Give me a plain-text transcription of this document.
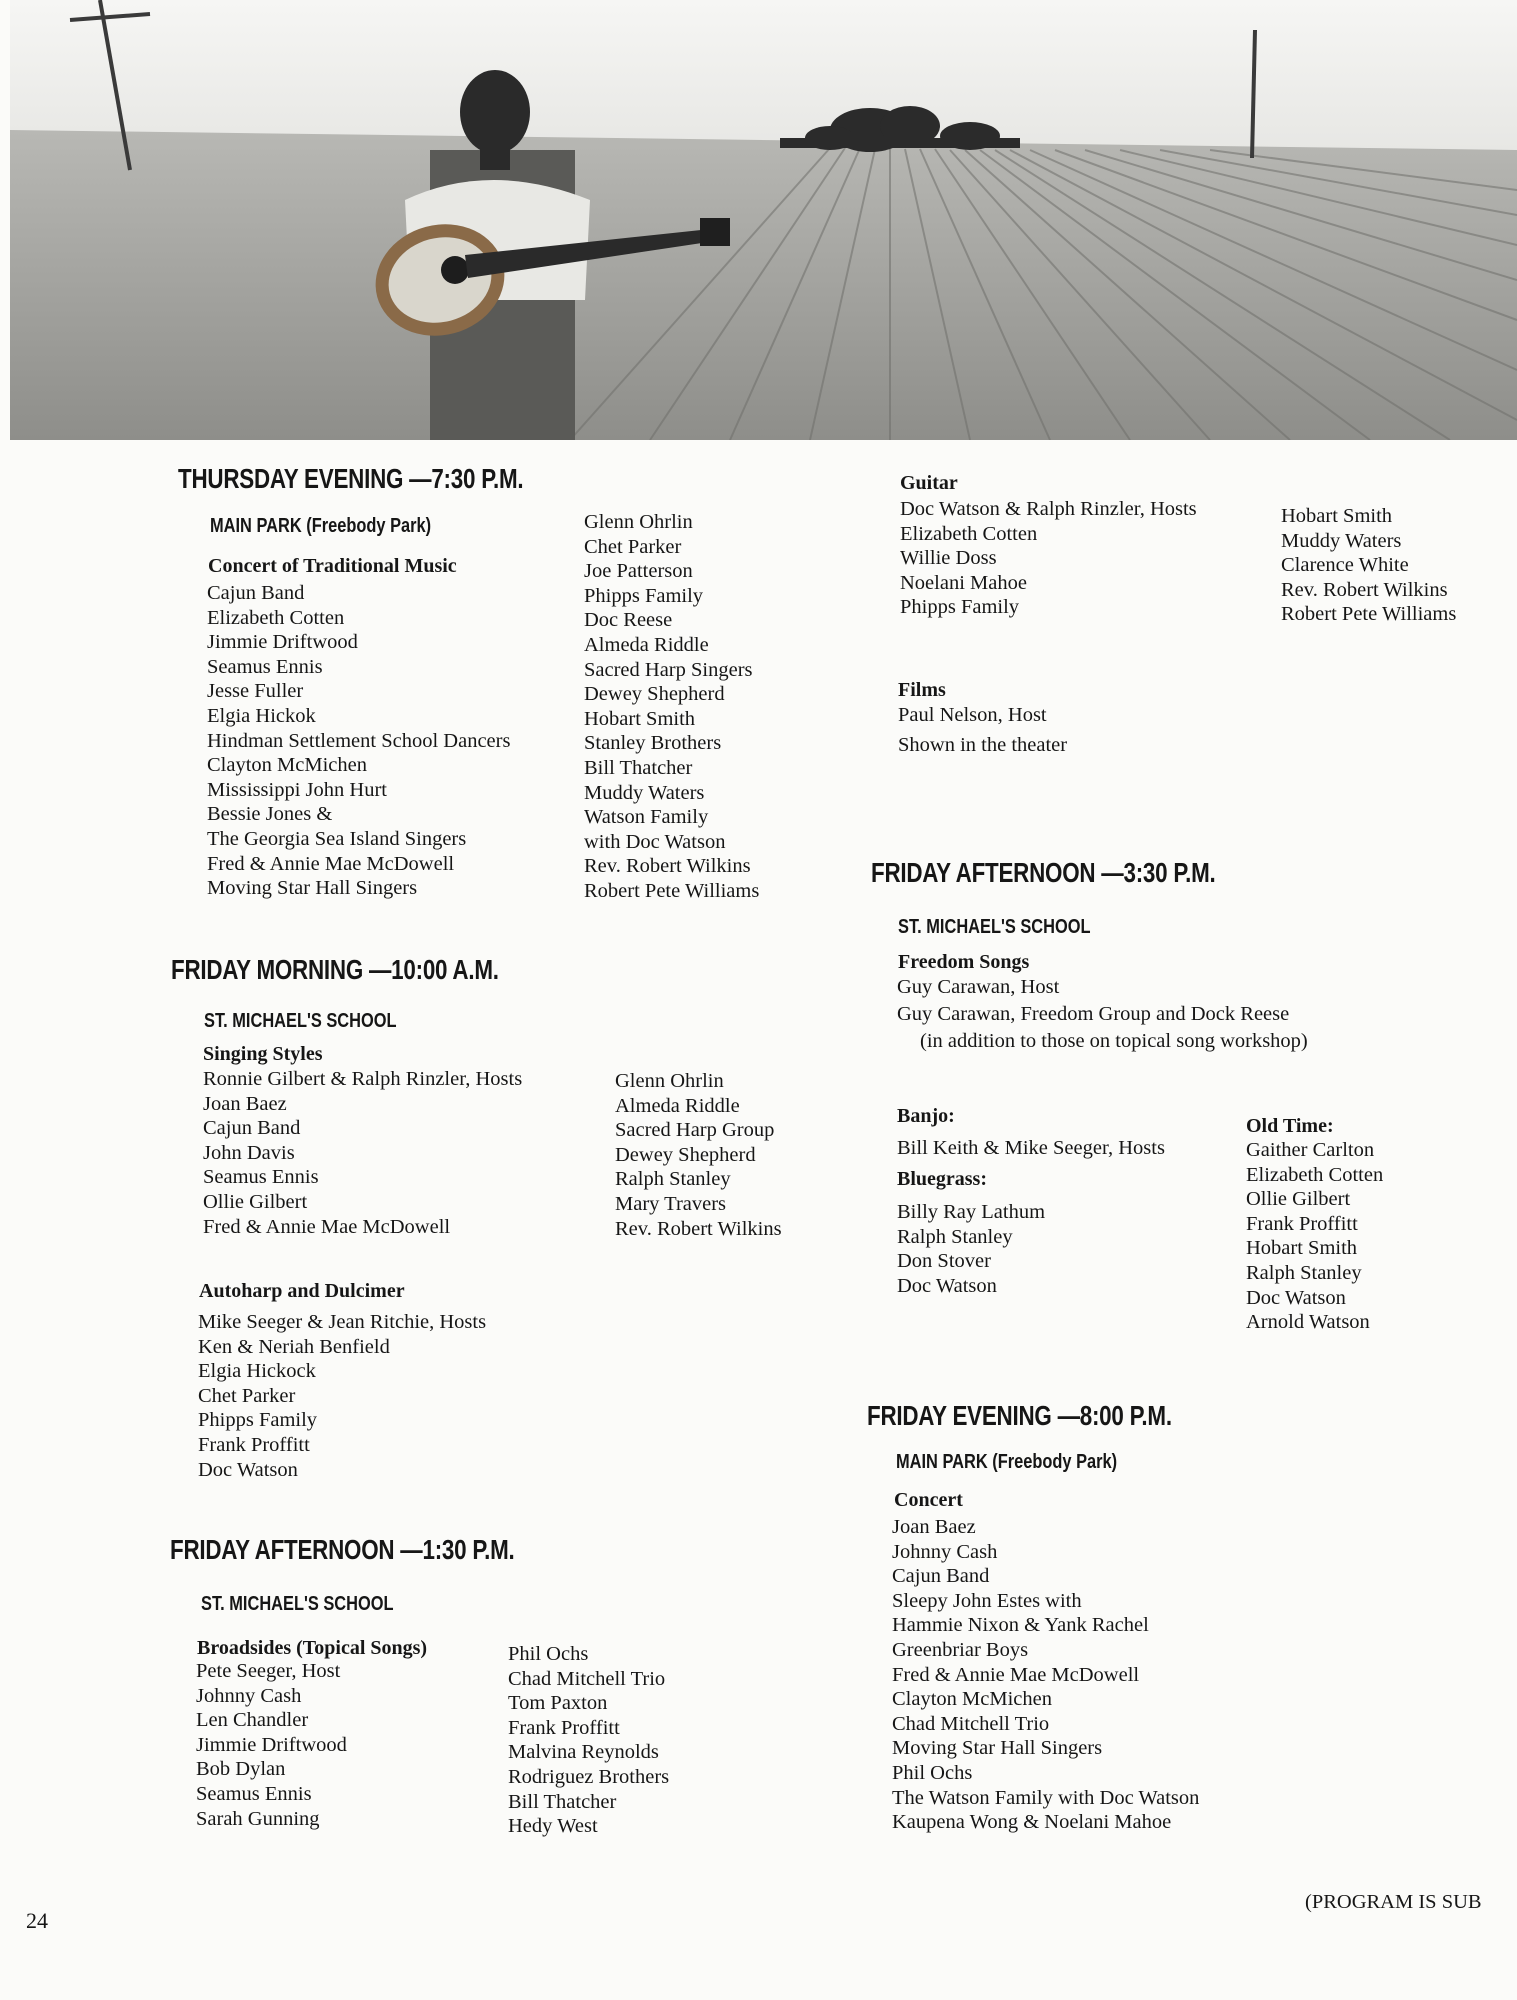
THURSDAY EVENING —7:30 P.M.
MAIN PARK (Freebody Park)
Concert of Traditional Music
Cajun Band
Elizabeth Cotten
Jimmie Driftwood
Seamus Ennis
Jesse Fuller
Elgia Hickok
Hindman Settlement School Dancers
Clayton McMichen
Mississippi John Hurt
Bessie Jones &
The Georgia Sea Island Singers
Fred & Annie Mae McDowell
Moving Star Hall Singers
Glenn Ohrlin
Chet Parker
Joe Patterson
Phipps Family
Doc Reese
Almeda Riddle
Sacred Harp Singers
Dewey Shepherd
Hobart Smith
Stanley Brothers
Bill Thatcher
Muddy Waters
Watson Family
with Doc Watson
Rev. Robert Wilkins
Robert Pete Williams
FRIDAY MORNING —10:00 A.M.
ST. MICHAEL'S SCHOOL
Singing Styles
Ronnie Gilbert & Ralph Rinzler, Hosts
Joan Baez
Cajun Band
John Davis
Seamus Ennis
Ollie Gilbert
Fred & Annie Mae McDowell
Glenn Ohrlin
Almeda Riddle
Sacred Harp Group
Dewey Shepherd
Ralph Stanley
Mary Travers
Rev. Robert Wilkins
Autoharp and Dulcimer
Mike Seeger & Jean Ritchie, Hosts
Ken & Neriah Benfield
Elgia Hickock
Chet Parker
Phipps Family
Frank Proffitt
Doc Watson
FRIDAY AFTERNOON —1:30 P.M.
ST. MICHAEL'S SCHOOL
Broadsides (Topical Songs)
Pete Seeger, Host
Johnny Cash
Len Chandler
Jimmie Driftwood
Bob Dylan
Seamus Ennis
Sarah Gunning
Phil Ochs
Chad Mitchell Trio
Tom Paxton
Frank Proffitt
Malvina Reynolds
Rodriguez Brothers
Bill Thatcher
Hedy West
Guitar
Doc Watson & Ralph Rinzler, Hosts
Elizabeth Cotten
Willie Doss
Noelani Mahoe
Phipps Family
Hobart Smith
Muddy Waters
Clarence White
Rev. Robert Wilkins
Robert Pete Williams
Films
Paul Nelson, Host
Shown in the theater
FRIDAY AFTERNOON —3:30 P.M.
ST. MICHAEL'S SCHOOL
Freedom Songs
Guy Carawan, Host
Guy Carawan, Freedom Group and Dock Reese
(in addition to those on topical song workshop)
Banjo:
Bill Keith & Mike Seeger, Hosts
Bluegrass:
Billy Ray Lathum
Ralph Stanley
Don Stover
Doc Watson
Old Time:
Gaither Carlton
Elizabeth Cotten
Ollie Gilbert
Frank Proffitt
Hobart Smith
Ralph Stanley
Doc Watson
Arnold Watson
FRIDAY EVENING —8:00 P.M.
MAIN PARK (Freebody Park)
Concert
Joan Baez
Johnny Cash
Cajun Band
Sleepy John Estes with
Hammie Nixon & Yank Rachel
Greenbriar Boys
Fred & Annie Mae McDowell
Clayton McMichen
Chad Mitchell Trio
Moving Star Hall Singers
Phil Ochs
The Watson Family with Doc Watson
Kaupena Wong & Noelani Mahoe
24
(PROGRAM IS SUB
